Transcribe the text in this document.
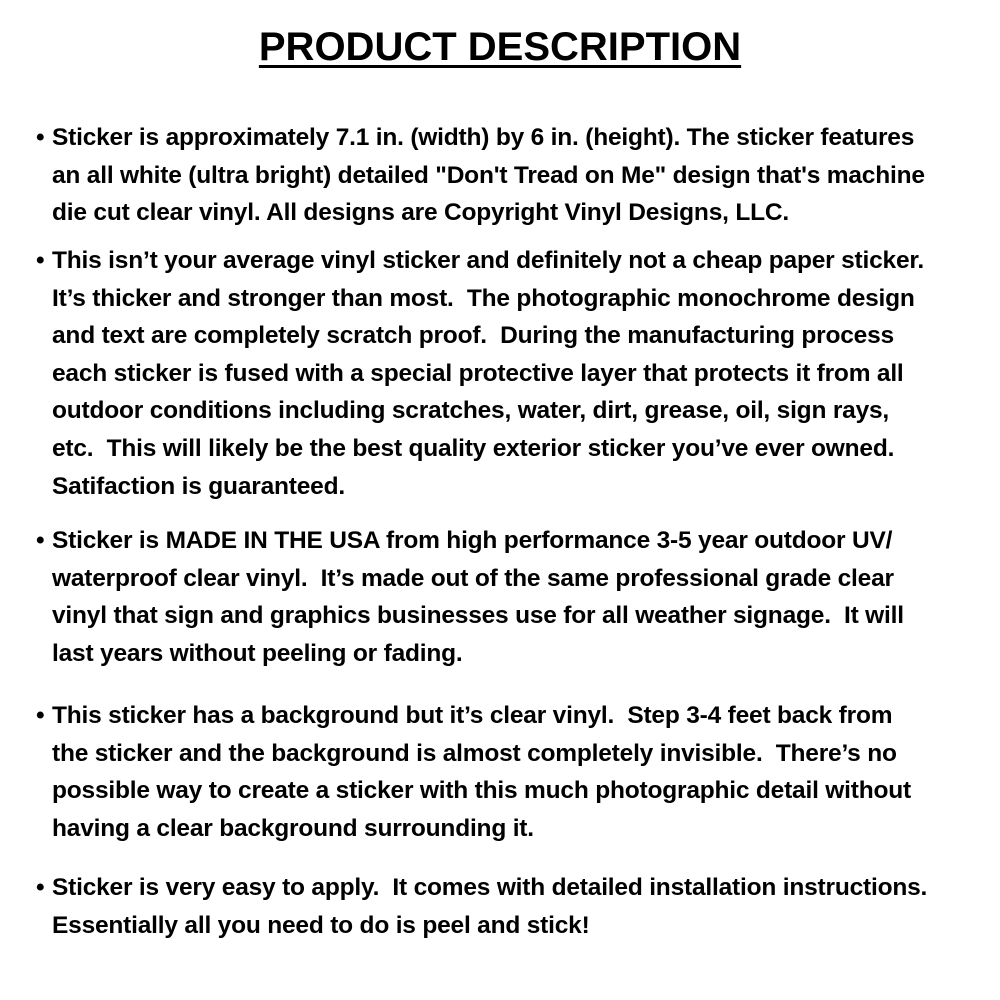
PRODUCT DESCRIPTION
• Sticker is approximately 7.1 in. (width) by 6 in. (height). The sticker features
an all white (ultra bright) detailed "Don't Tread on Me" design that's machine
die cut clear vinyl. All designs are Copyright Vinyl Designs, LLC.
• This isn’t your average vinyl sticker and definitely not a cheap paper sticker.
It’s thicker and stronger than most.  The photographic monochrome design
and text are completely scratch proof.  During the manufacturing process
each sticker is fused with a special protective layer that protects it from all
outdoor conditions including scratches, water, dirt, grease, oil, sign rays,
etc.  This will likely be the best quality exterior sticker you’ve ever owned.
Satifaction is guaranteed.
• Sticker is MADE IN THE USA from high performance 3-5 year outdoor UV/
waterproof clear vinyl.  It’s made out of the same professional grade clear
vinyl that sign and graphics businesses use for all weather signage.  It will
last years without peeling or fading.
• This sticker has a background but it’s clear vinyl.  Step 3-4 feet back from
the sticker and the background is almost completely invisible.  There’s no
possible way to create a sticker with this much photographic detail without
having a clear background surrounding it.
• Sticker is very easy to apply.  It comes with detailed installation instructions.
Essentially all you need to do is peel and stick!
